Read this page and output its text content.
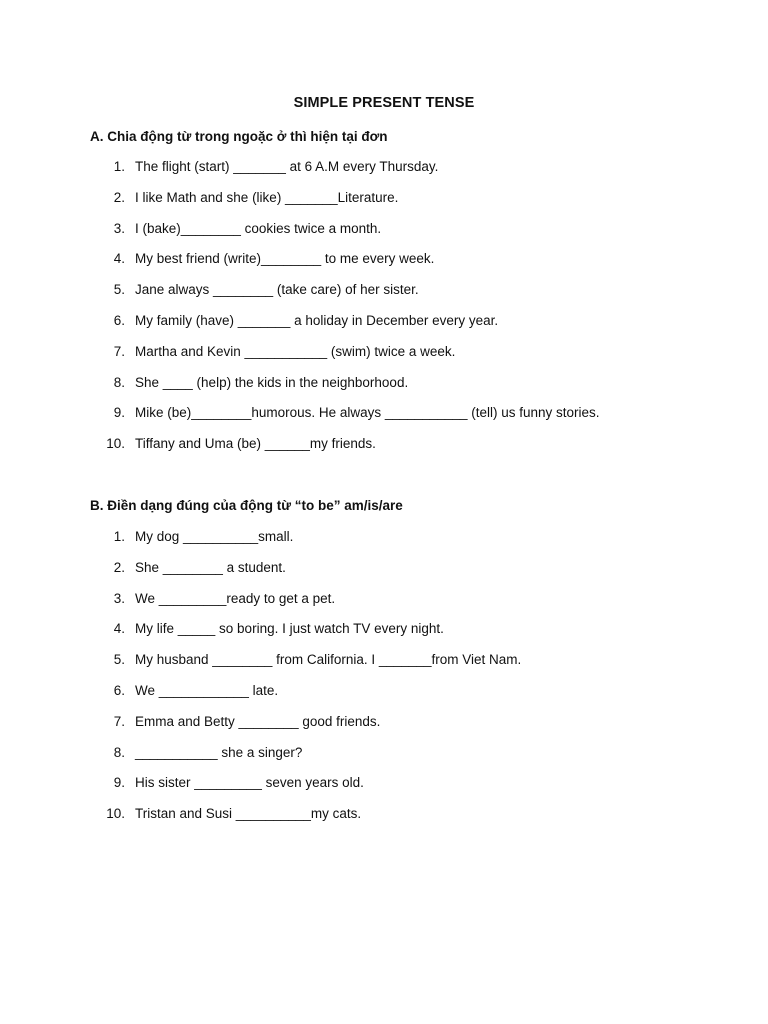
SIMPLE PRESENT TENSE
A. Chia động từ trong ngoặc ở thì hiện tại đơn
1. The flight (start) _______ at 6 A.M every Thursday.
2. I like Math and she (like) _______Literature.
3. I (bake)________ cookies twice a month.
4. My best friend (write)________ to me every week.
5. Jane always ________ (take care) of her sister.
6. My family (have) _______ a holiday in December every year.
7. Martha and Kevin ___________ (swim) twice a week.
8. She ____ (help) the kids in the neighborhood.
9. Mike (be)________humorous. He always ___________ (tell) us funny stories.
10. Tiffany and Uma (be) ______my friends.
B. Điền dạng đúng của động từ “to be” am/is/are
1. My dog __________small.
2. She ________ a student.
3. We _________ready to get a pet.
4. My life _____ so boring. I just watch TV every night.
5. My husband ________ from California. I _______from Viet Nam.
6. We ____________ late.
7. Emma and Betty ________ good friends.
8. ___________ she a singer?
9. His sister _________ seven years old.
10. Tristan and Susi __________my cats.
